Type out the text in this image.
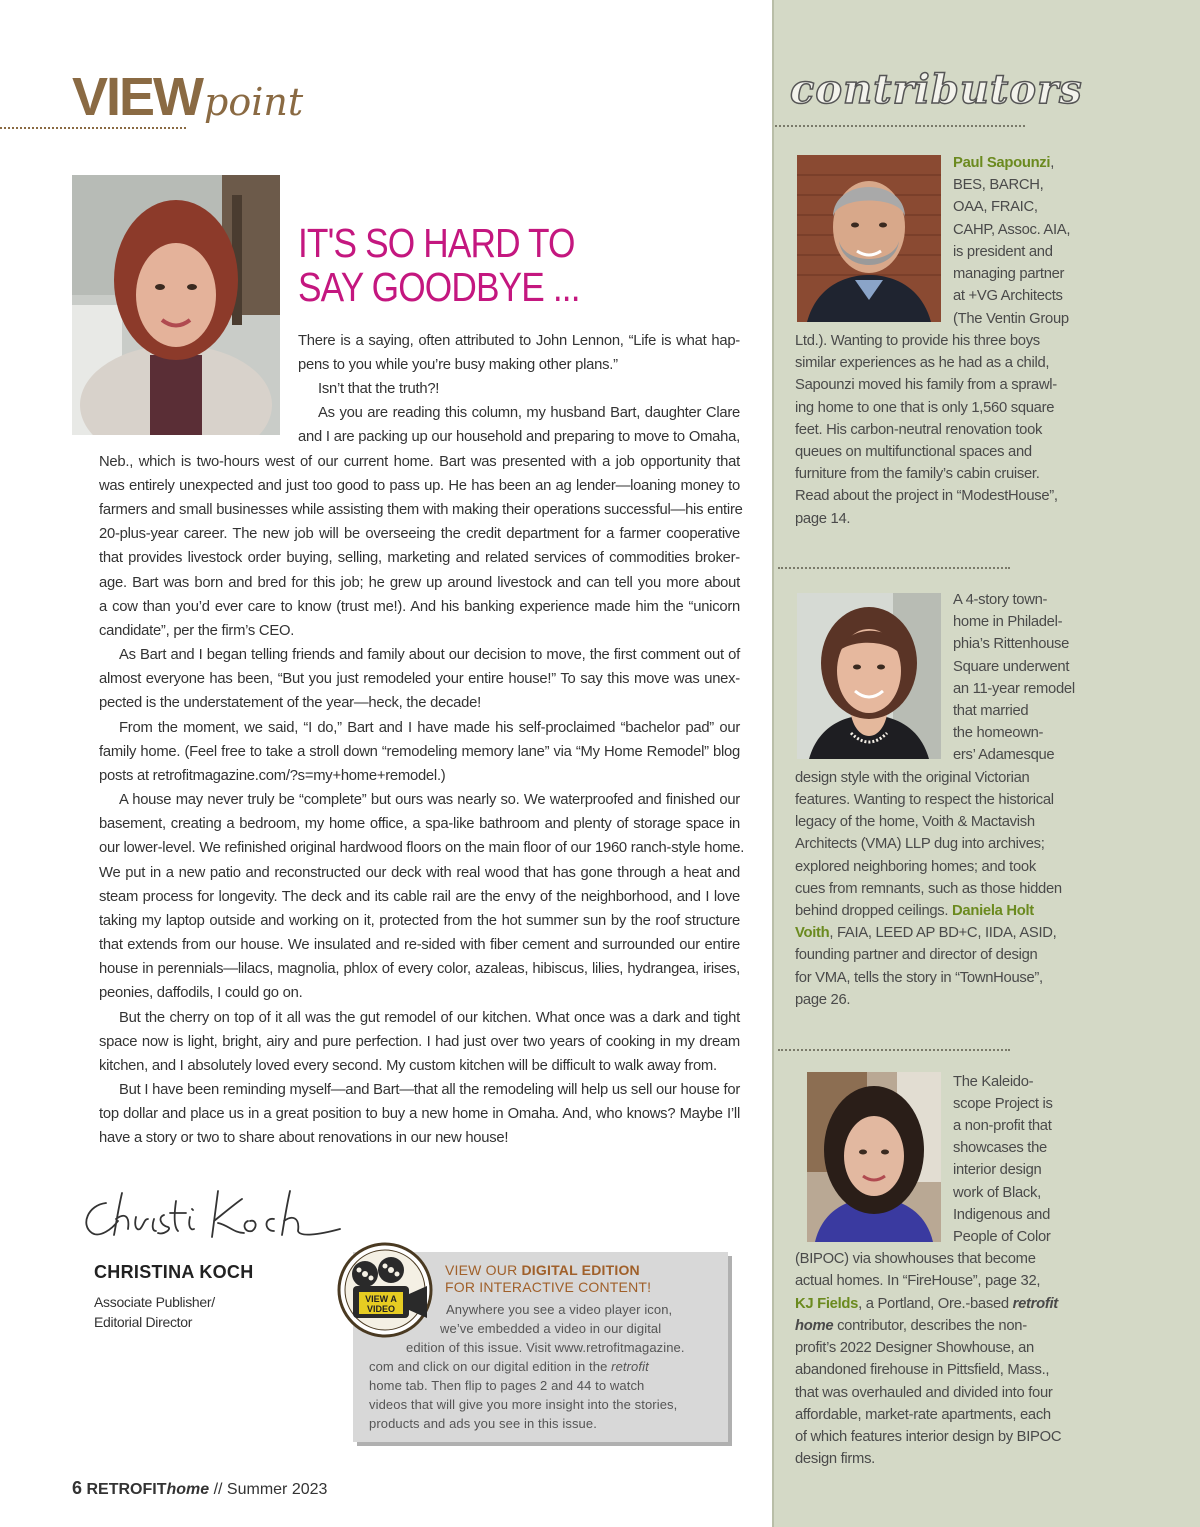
VIEWpoint
IT'S SO HARD TO
SAY GOODBYE ...
There is a saying, often attributed to John Lennon, “Life is what hap-
pens to you while you’re busy making other plans.”
Isn’t that the truth?!
As you are reading this column, my husband Bart, daughter Clare
and I are packing up our household and preparing to move to Omaha,
Neb., which is two-hours west of our current home. Bart was presented with a job opportunity that
was entirely unexpected and just too good to pass up. He has been an ag lender—loaning money to
farmers and small businesses while assisting them with making their operations successful—his entire
20-plus-year career. The new job will be overseeing the credit department for a farmer cooperative
that provides livestock order buying, selling, marketing and related services of commodities broker-
age. Bart was born and bred for this job; he grew up around livestock and can tell you more about
a cow than you’d ever care to know (trust me!). And his banking experience made him the “unicorn
candidate”, per the firm’s CEO.
As Bart and I began telling friends and family about our decision to move, the first comment out of
almost everyone has been, “But you just remodeled your entire house!” To say this move was unex-
pected is the understatement of the year—heck, the decade!
From the moment, we said, “I do,” Bart and I have made his self-proclaimed “bachelor pad” our
family home. (Feel free to take a stroll down “remodeling memory lane” via “My Home Remodel” blog
posts at retrofitmagazine.com/?s=my+home+remodel.)
A house may never truly be “complete” but ours was nearly so. We waterproofed and finished our
basement, creating a bedroom, my home office, a spa-like bathroom and plenty of storage space in
our lower-level. We refinished original hardwood floors on the main floor of our 1960 ranch-style home.
We put in a new patio and reconstructed our deck with real wood that has gone through a heat and
steam process for longevity. The deck and its cable rail are the envy of the neighborhood, and I love
taking my laptop outside and working on it, protected from the hot summer sun by the roof structure
that extends from our house. We insulated and re-sided with fiber cement and surrounded our entire
house in perennials—lilacs, magnolia, phlox of every color, azaleas, hibiscus, lilies, hydrangea, irises,
peonies, daffodils, I could go on.
But the cherry on top of it all was the gut remodel of our kitchen. What once was a dark and tight
space now is light, bright, airy and pure perfection. I had just over two years of cooking in my dream
kitchen, and I absolutely loved every second. My custom kitchen will be difficult to walk away from.
But I have been reminding myself—and Bart—that all the remodeling will help us sell our house for
top dollar and place us in a great position to buy a new home in Omaha. And, who knows? Maybe I’ll
have a story or two to share about renovations in our new house!
CHRISTINA KOCH
Associate Publisher/
Editorial Director
VIEW A
VIDEO
VIEW OUR DIGITAL EDITION
FOR INTERACTIVE CONTENT!
Anywhere you see a video player icon,
we’ve embedded a video in our digital
edition of this issue. Visit www.retrofitmagazine.
com and click on our digital edition in the retrofit
home tab. Then flip to pages 2 and 44 to watch
videos that will give you more insight into the stories,
products and ads you see in this issue.
6 RETROFIThome // Summer 2023
contributors
Paul Sapounzi,
BES, BARCH,
OAA, FRAIC,
CAHP, Assoc. AIA,
is president and
managing partner
at +VG Architects
(The Ventin Group
Ltd.). Wanting to provide his three boys
similar experiences as he had as a child,
Sapounzi moved his family from a sprawl-
ing home to one that is only 1,560 square
feet. His carbon-neutral renovation took
queues on multifunctional spaces and
furniture from the family’s cabin cruiser.
Read about the project in “ModestHouse”,
page 14.
A 4-story town-
home in Philadel-
phia’s Rittenhouse
Square underwent
an 11-year remodel
that married
the homeown-
ers’ Adamesque
design style with the original Victorian
features. Wanting to respect the historical
legacy of the home, Voith & Mactavish
Architects (VMA) LLP dug into archives;
explored neighboring homes; and took
cues from remnants, such as those hidden
behind dropped ceilings. Daniela Holt
Voith, FAIA, LEED AP BD+C, IIDA, ASID,
founding partner and director of design
for VMA, tells the story in “TownHouse”,
page 26.
The Kaleido-
scope Project is
a non-profit that
showcases the
interior design
work of Black,
Indigenous and
People of Color
(BIPOC) via showhouses that become
actual homes. In “FireHouse”, page 32,
KJ Fields, a Portland, Ore.-based retrofit
home contributor, describes the non-
profit’s 2022 Designer Showhouse, an
abandoned firehouse in Pittsfield, Mass.,
that was overhauled and divided into four
affordable, market-rate apartments, each
of which features interior design by BIPOC
design firms.
